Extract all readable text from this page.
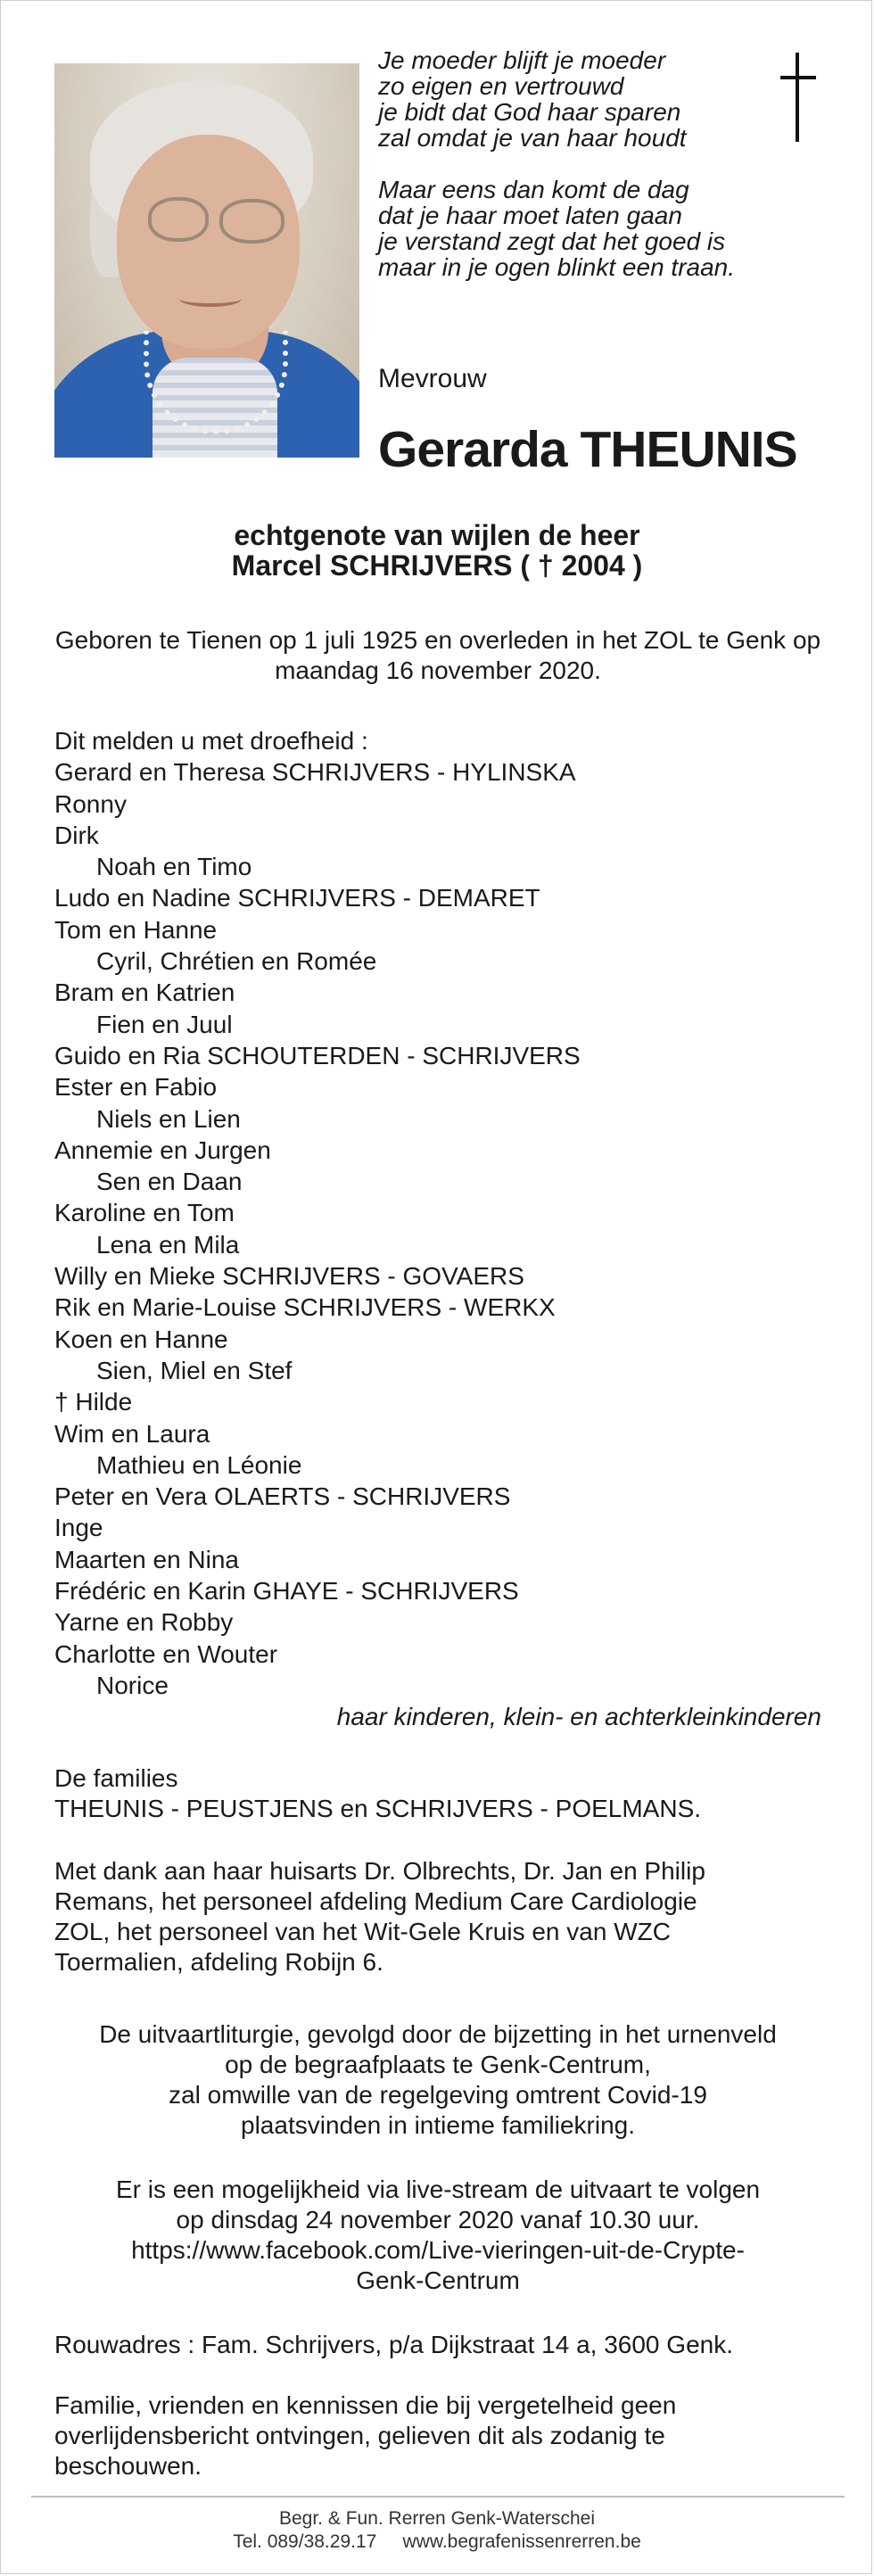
Je moeder blijft je moeder
zo eigen en vertrouwd
je bidt dat God haar sparen
zal omdat je van haar houdt
Maar eens dan komt de dag
dat je haar moet laten gaan
je verstand zegt dat het goed is
maar in je ogen blinkt een traan.
Mevrouw
Gerarda THEUNIS
echtgenote van wijlen de heer
Marcel SCHRIJVERS ( † 2004 )
Geboren te Tienen op 1 juli 1925 en overleden in het ZOL te Genk op maandag 16 november 2020.
Dit melden u met droefheid :
Gerard en Theresa SCHRIJVERS - HYLINSKA
Ronny
Dirk
Noah en Timo
Ludo en Nadine SCHRIJVERS - DEMARET
Tom en Hanne
Cyril, Chrétien en Romée
Bram en Katrien
Fien en Juul
Guido en Ria SCHOUTERDEN - SCHRIJVERS
Ester en Fabio
Niels en Lien
Annemie en Jurgen
Sen en Daan
Karoline en Tom
Lena en Mila
Willy en Mieke SCHRIJVERS - GOVAERS
Rik en Marie-Louise SCHRIJVERS - WERKX
Koen en Hanne
Sien, Miel en Stef
† Hilde
Wim en Laura
Mathieu en Léonie
Peter en Vera OLAERTS - SCHRIJVERS
Inge
Maarten en Nina
Frédéric en Karin GHAYE - SCHRIJVERS
Yarne en Robby
Charlotte en Wouter
Norice
haar kinderen, klein- en achterkleinkinderen
De families
THEUNIS - PEUSTJENS en SCHRIJVERS - POELMANS.
Met dank aan haar huisarts Dr. Olbrechts, Dr. Jan en Philip
Remans, het personeel afdeling Medium Care Cardiologie
ZOL, het personeel van het Wit-Gele Kruis en van WZC
Toermalien, afdeling Robijn 6.
De uitvaartliturgie, gevolgd door de bijzetting in het urnenveld
op de begraafplaats te Genk-Centrum,
zal omwille van de regelgeving omtrent Covid-19
plaatsvinden in intieme familiekring.
Er is een mogelijkheid via live-stream de uitvaart te volgen
op dinsdag 24 november 2020 vanaf 10.30 uur.
https://www.facebook.com/Live-vieringen-uit-de-Crypte-
Genk-Centrum
Rouwadres : Fam. Schrijvers, p/a Dijkstraat 14 a, 3600 Genk.
Familie, vrienden en kennissen die bij vergetelheid geen
overlijdensbericht ontvingen, gelieven dit als zodanig te
beschouwen.
Begr. & Fun. Rerren Genk-Waterschei
Tel. 089/38.29.17     www.begrafenissenrerren.be
